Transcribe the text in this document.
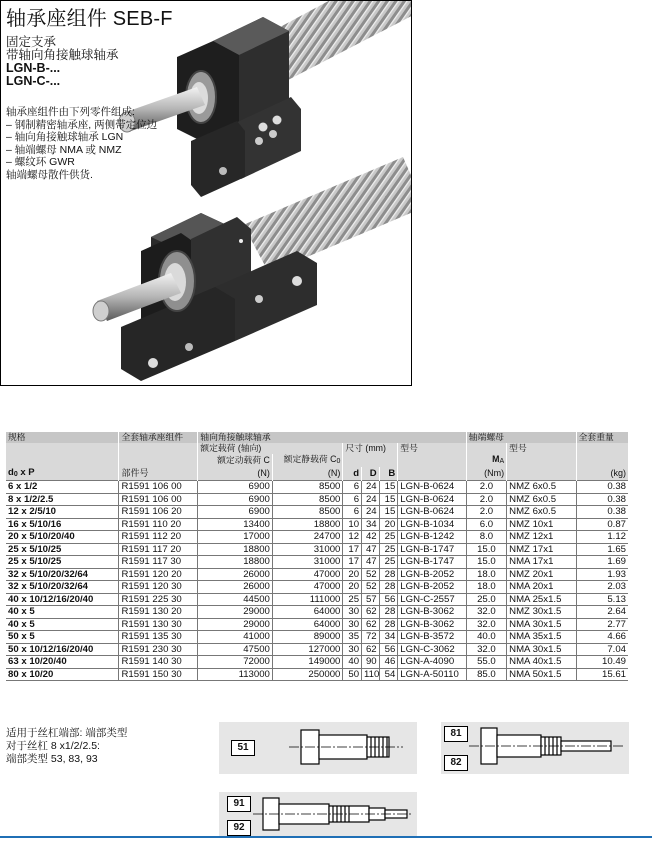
轴承座组件 SEB-F
固定支承
带轴向角接触球轴承
LGN-B-...
LGN-C-...
轴承座组件由下列零件组成:
– 钢制精密轴承座, 两侧带定位边
– 轴向角接触球轴承 LGN
– 轴端螺母 NMA 或 NMZ
– 螺纹环 GWR
轴端螺母散件供货.
规格	全套轴承座组件	轴向角接触球轴承						轴端螺母		全套重量
		额定载荷 (轴向)		尺寸 (mm)			型号		型号	
		额定动载荷 C	额定静载荷 $C_0$					$M_A$		
$d_0$ x P	部件号	(N)	(N)	d	D	B		(Nm)		(kg)
6 x 1/2	R1591 106 00	6900	8500	6	24	15	LGN-B-0624	2.0	NMZ 6x0.5	0.38
8 x 1/2/2.5	R1591 106 00	6900	8500	6	24	15	LGN-B-0624	2.0	NMZ 6x0.5	0.38
12 x 2/5/10	R1591 106 20	6900	8500	6	24	15	LGN-B-0624	2.0	NMZ 6x0.5	0.38
16 x 5/10/16	R1591 110 20	13400	18800	10	34	20	LGN-B-1034	6.0	NMZ 10x1	0.87
20 x 5/10/20/40	R1591 112 20	17000	24700	12	42	25	LGN-B-1242	8.0	NMZ 12x1	1.12
25 x 5/10/25	R1591 117 20	18800	31000	17	47	25	LGN-B-1747	15.0	NMZ 17x1	1.65
25 x 5/10/25	R1591 117 30	18800	31000	17	47	25	LGN-B-1747	15.0	NMA 17x1	1.69
32 x 5/10/20/32/64	R1591 120 20	26000	47000	20	52	28	LGN-B-2052	18.0	NMZ 20x1	1.93
32 x 5/10/20/32/64	R1591 120 30	26000	47000	20	52	28	LGN-B-2052	18.0	NMA 20x1	2.03
40 x 10/12/16/20/40	R1591 225 30	44500	111000	25	57	56	LGN-C-2557	25.0	NMA 25x1.5	5.13
40 x 5	R1591 130 20	29000	64000	30	62	28	LGN-B-3062	32.0	NMZ 30x1.5	2.64
40 x 5	R1591 130 30	29000	64000	30	62	28	LGN-B-3062	32.0	NMA 30x1.5	2.77
50 x 5	R1591 135 30	41000	89000	35	72	34	LGN-B-3572	40.0	NMA 35x1.5	4.66
50 x 10/12/16/20/40	R1591 230 30	47500	127000	30	62	56	LGN-C-3062	32.0	NMA 30x1.5	7.04
63 x 10/20/40	R1591 140 30	72000	149000	40	90	46	LGN-A-4090	55.0	NMA 40x1.5	10.49
80 x 10/20	R1591 150 30	113000	250000	50	110	54	LGN-A-50110	85.0	NMA 50x1.5	15.61
适用于丝杠端部: 端部类型
对于丝杠 8 x1/2/2.5:
端部类型 53, 83, 93
51
81
82
91
92
